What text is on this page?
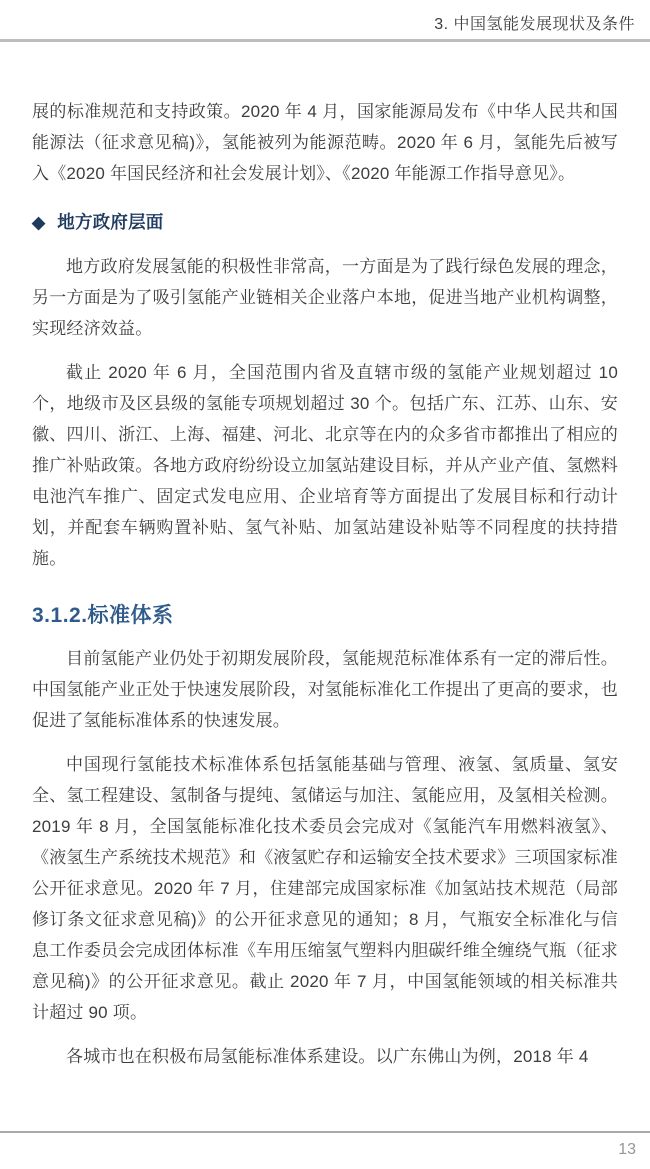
3. 中国氢能发展现状及条件

展的标准规范和支持政策。2020 年 4 月，国家能源局发布《中华人民共和国能源法（征求意见稿)》，氢能被列为能源范畴。2020 年 6 月，氢能先后被写入《2020 年国民经济和社会发展计划》、《2020 年能源工作指导意见》。

◆ 地方政府层面

地方政府发展氢能的积极性非常高，一方面是为了践行绿色发展的理念，另一方面是为了吸引氢能产业链相关企业落户本地，促进当地产业机构调整，实现经济效益。

截止 2020 年 6 月，全国范围内省及直辖市级的氢能产业规划超过 10 个，地级市及区县级的氢能专项规划超过 30 个。包括广东、江苏、山东、安徽、四川、浙江、上海、福建、河北、北京等在内的众多省市都推出了相应的推广补贴政策。各地方政府纷纷设立加氢站建设目标，并从产业产值、氢燃料电池汽车推广、固定式发电应用、企业培育等方面提出了发展目标和行动计划，并配套车辆购置补贴、氢气补贴、加氢站建设补贴等不同程度的扶持措施。

3.1.2.标准体系

目前氢能产业仍处于初期发展阶段，氢能规范标准体系有一定的滞后性。中国氢能产业正处于快速发展阶段，对氢能标准化工作提出了更高的要求，也促进了氢能标准体系的快速发展。

中国现行氢能技术标准体系包括氢能基础与管理、液氢、氢质量、氢安全、氢工程建设、氢制备与提纯、氢储运与加注、氢能应用，及氢相关检测。2019 年 8 月，全国氢能标准化技术委员会完成对《氢能汽车用燃料液氢》、《液氢生产系统技术规范》和《液氢贮存和运输安全技术要求》三项国家标准公开征求意见。2020 年 7 月，住建部完成国家标准《加氢站技术规范（局部修订条文征求意见稿)》的公开征求意见的通知；8 月，气瓶安全标准化与信息工作委员会完成团体标准《车用压缩氢气塑料内胆碳纤维全缠绕气瓶（征求意见稿)》的公开征求意见。截止 2020 年 7 月，中国氢能领域的相关标准共计超过 90 项。

各城市也在积极布局氢能标准体系建设。以广东佛山为例，2018 年 4

13
